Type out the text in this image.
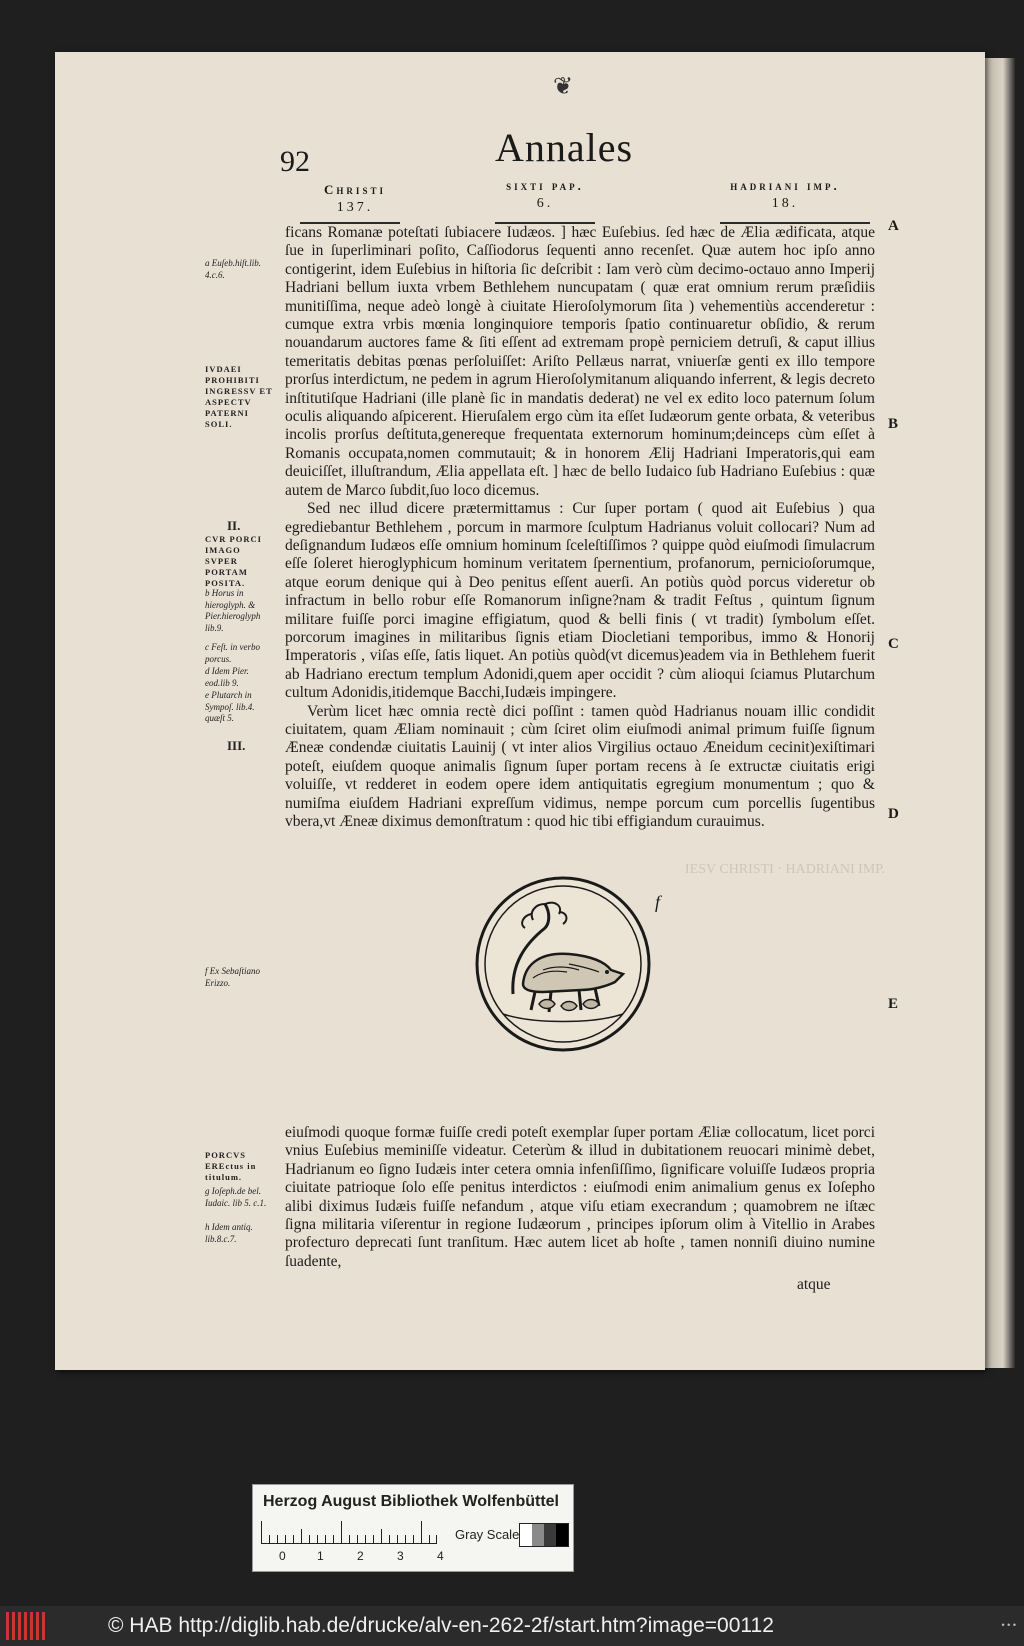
❦
92	Annales
Christi
137.
sixti pap.
6.
hadriani imp.
18.
IESV CHRISTI · HADRIANI IMP.

ficans Romanæ poteſtati ſubiacere Iudæos. ] hæc Euſebius. ſed hæc de Ælia ædificata, atque ſue in ſuperliminari poſito, Caſſiodorus ſequenti anno recenſet. Quæ autem hoc ipſo anno contigerint, idem Euſebius in hiſtoria ſic deſcribit : Iam verò cùm decimo-octauo anno Imperij Hadriani bellum iuxta vrbem Bethlehem nuncupatam ( quæ erat omnium rerum præſidiis munitiſſima, neque adeò longè à ciuitate Hieroſolymorum ſita ) vehementiùs accenderetur : cumque extra vrbis mœnia longinquiore temporis ſpatio continuaretur obſidio, & rerum nouandarum auctores fame & ſiti eſſent ad extremam propè perniciem detruſi, & caput illius temeritatis debitas pœnas perſoluiſſet: Ariſto Pellæus narrat, vniuerſæ genti ex illo tempore prorſus interdictum, ne pedem in agrum Hieroſolymitanum aliquando inferrent, & legis decreto inſtitutiſque Hadriani (ille planè ſic in mandatis dederat) ne vel ex edito loco paternum ſolum oculis aliquando aſpicerent. Hieruſalem ergo cùm ita eſſet Iudæorum gente orbata, & veteribus incolis prorſus deſtituta,genereque frequentata externorum hominum;deinceps cùm eſſet à Romanis occupata,nomen commutauit; & in honorem Ælij Hadriani Imperatoris,qui eam deuiciſſet, illuſtrandum, Ælia appellata eſt. ] hæc de bello Iudaico ſub Hadriano Euſebius : quæ autem de Marco ſubdit,ſuo loco dicemus.

Sed nec illud dicere prætermittamus : Cur ſuper portam ( quod ait Euſebius ) qua egrediebantur Bethlehem , porcum in marmore ſculptum Hadrianus voluit collocari? Num ad deſignandum Iudæos eſſe omnium hominum ſceleſtiſſimos ? quippe quòd eiuſmodi ſimulacrum eſſe ſoleret hieroglyphicum hominum veritatem ſpernentium, profanorum, pernicioſorumque, atque eorum denique qui à Deo penitus eſſent auerſi. An potiùs quòd porcus videretur ob infractum in bello robur eſſe Romanorum inſigne?nam & tradit Feſtus , quintum ſignum militare fuiſſe porci imagine effigiatum, quod & belli finis ( vt tradit) ſymbolum eſſet. porcorum imagines in militaribus ſignis etiam Diocletiani temporibus, immo & Honorij Imperatoris , viſas eſſe, ſatis liquet. An potiùs quòd(vt dicemus)eadem via in Bethlehem fuerit ab Hadriano erectum templum Adonidi,quem aper occidit ? cùm alioqui ſciamus Plutarchum cultum Adonidis,itidemque Bacchi,Iudæis impingere.

Verùm licet hæc omnia rectè dici poſſint : tamen quòd Hadrianus nouam illic condidit ciuitatem, quam Æliam nominauit ; cùm ſciret olim eiuſmodi animal primum fuiſſe ſignum Æneæ condendæ ciuitatis Lauinij ( vt inter alios Virgilius octauo Æneidum cecinit)exiſtimari poteſt, eiuſdem quoque animalis ſignum ſuper portam recens à ſe extructæ ciuitatis erigi voluiſſe, vt redderet in eodem opere idem antiquitatis egregium monumentum ; quo & numiſma eiuſdem Hadriani expreſſum vidimus, nempe porcum cum porcellis ſugentibus vbera,vt Æneæ diximus demonſtratum : quod hic tibi effigiandum curauimus.

a Euſeb.hiſt.lib. 4.c.6.
IVDAEI PROHIBITI INGRESSV ET ASPECTV PATERNI SOLI.
II.
CVR PORCI IMAGO SVPER PORTAM POSITA.
b Horus in hieroglyph. & Pier.hieroglyph lib.9.
c Feſt. in verbo porcus.
d Idem Pier. eod.lib 9.
e Plutarch in Sympoſ. lib.4. quæſt 5.
III.
f Ex Sebaſtiano Erizzo.
PORCVS EREctus in titulum.
g Ioſeph.de bel. Iudaic. lib 5. c.1.
h Idem antiq. lib.8.c.7.
A
B
C
D
E
f

eiuſmodi quoque formæ fuiſſe credi poteſt exemplar ſuper portam Æliæ collocatum, licet porci vnius Euſebius meminiſſe videatur. Ceterùm & illud in dubitationem reuocari minimè debet, Hadrianum eo ſigno Iudæis inter cetera omnia infenſiſſimo, ſignificare voluiſſe Iudæos propria ciuitate patrioque ſolo eſſe penitus interdictos : eiuſmodi enim animalium genus ex Ioſepho alibi diximus Iudæis fuiſſe nefandum , atque viſu etiam execrandum ; quamobrem ne iſtæc ſigna militaria viſerentur in regione Iudæorum , principes ipſorum olim à Vitellio in Arabes profecturo deprecati ſunt tranſitum. Hæc autem licet ab hoſte , tamen nonniſi diuino numine ſuadente,

atque
Herzog August Bibliothek Wolfenbüttel
0	1	2	3	4
Gray Scale
© HAB http://diglib.hab.de/drucke/alv-en-262-2f/start.htm?image=00112	• • •
